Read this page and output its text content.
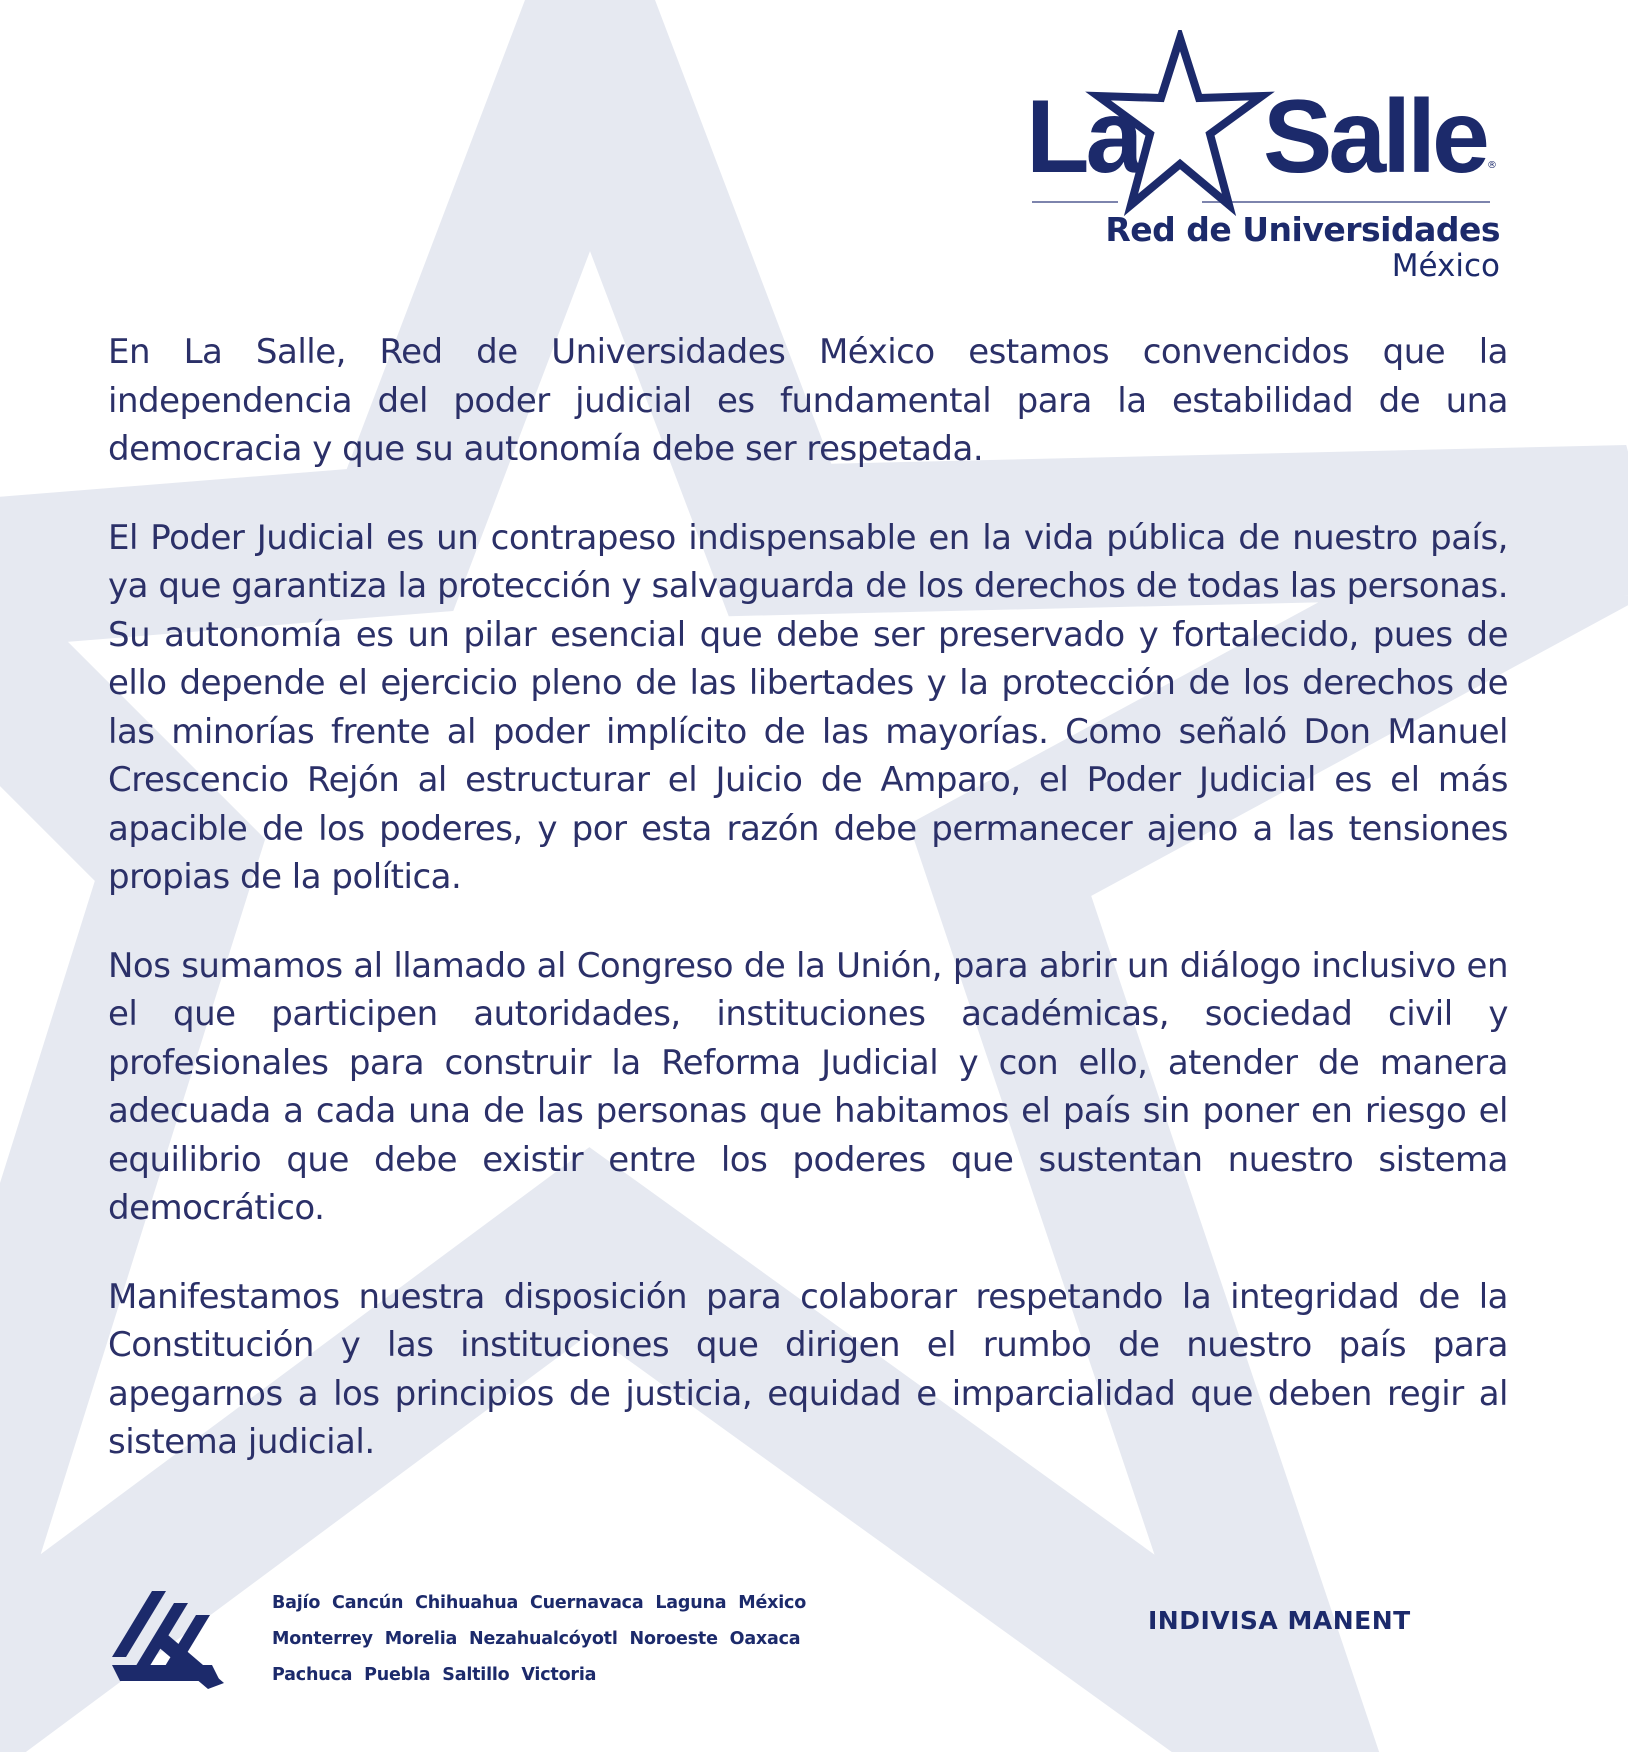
La Salle ®
Red de Universidades
México

En La Salle, Red de Universidades México estamos convencidos que la independencia del poder judicial es fundamental para la estabilidad de una democracia y que su autonomía debe ser respetada.

El Poder Judicial es un contrapeso indispensable en la vida pública de nuestro país, ya que garantiza la protección y salvaguarda de los derechos de todas las personas. Su autonomía es un pilar esencial que debe ser preservado y fortalecido, pues de ello depende el ejercicio pleno de las libertades y la protección de los derechos de las minorías frente al poder implícito de las mayorías. Como señaló Don Manuel Crescencio Rejón al estructurar el Juicio de Amparo, el Poder Judicial es el más apacible de los poderes, y por esta razón debe permanecer ajeno a las tensiones propias de la política.

Nos sumamos al llamado al Congreso de la Unión, para abrir un diálogo inclusivo en el que participen autoridades, instituciones académicas, sociedad civil y profesionales para construir la Reforma Judicial y con ello, atender de manera adecuada a cada una de las personas que habitamos el país sin poner en riesgo el equilibrio que debe existir entre los poderes que sustentan nuestro sistema democrático.

Manifestamos nuestra disposición para colaborar respetando la integridad de la Constitución y las instituciones que dirigen el rumbo de nuestro país para apegarnos a los principios de justicia, equidad e imparcialidad que deben regir al sistema judicial.

Bajío Cancún Chihuahua Cuernavaca Laguna México
Monterrey Morelia Nezahualcóyotl Noroeste Oaxaca
Pachuca Puebla Saltillo Victoria
INDIVISA MANENT
